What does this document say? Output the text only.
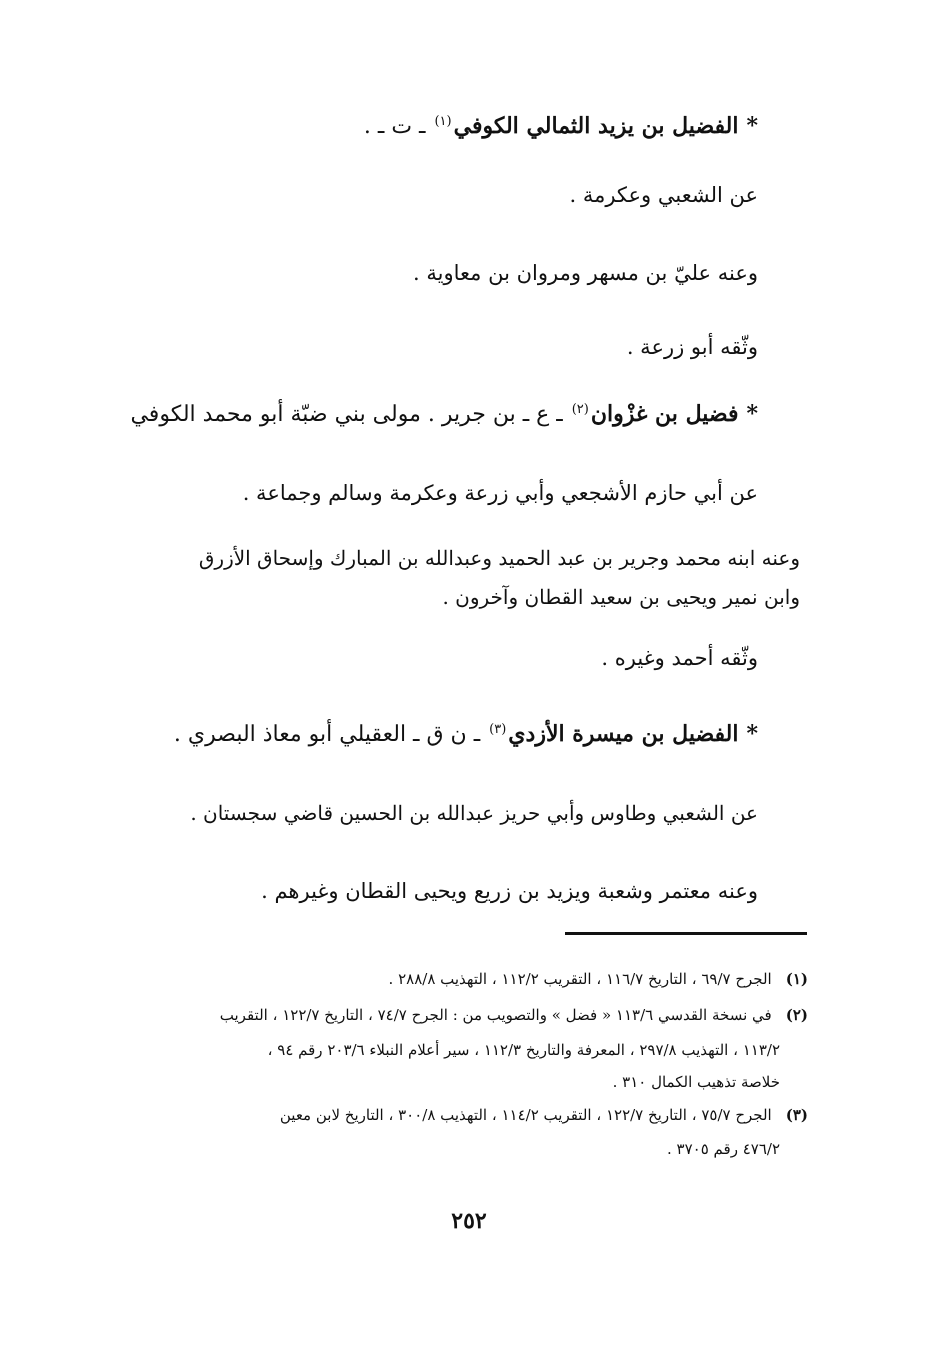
*الفضيل بن يزيد الثمالي الكوفي$^{(١)}$ ـ ت ـ .
عن الشعبي وعكرمة .
وعنه عليّ بن مسهر ومروان بن معاوية .
وثّقه أبو زرعة .
*فضيل بن غزْوان$^{(٢)}$ ـ ع ـ بن جرير . مولى بني ضبّة أبو محمد الكوفي
عن أبي حازم الأشجعي وأبي زرعة وعكرمة وسالم وجماعة .
وعنه ابنه محمد وجرير بن عبد الحميد وعبدالله بن المبارك وإسحاق الأزرق
وابن نمير ويحيى بن سعيد القطان وآخرون .
وثّقه أحمد وغيره .
*الفضيل بن ميسرة الأزدي$^{(٣)}$ ـ ن ق ـ العقيلي أبو معاذ البصري .
عن الشعبي وطاوس وأبي حريز عبدالله بن الحسين قاضي سجستان .
وعنه معتمر وشعبة ويزيد بن زريع ويحيى القطان وغيرهم .
(١)الجرح ٦٩/٧ ، التاريخ ١١٦/٧ ، التقريب ١١٢/٢ ، التهذيب ٢٨٨/٨ .
(٢)في نسخة القدسي ١١٣/٦ « فضل » والتصويب من : الجرح ٧٤/٧ ، التاريخ ١٢٢/٧ ، التقريب
١١٣/٢ ، التهذيب ٢٩٧/٨ ، المعرفة والتاريخ ١١٢/٣ ، سير أعلام النبلاء ٢٠٣/٦ رقم ٩٤ ،
خلاصة تذهيب الكمال ٣١٠ .
(٣)الجرح ٧٥/٧ ، التاريخ ١٢٢/٧ ، التقريب ١١٤/٢ ، التهذيب ٣٠٠/٨ ، التاريخ لابن معين
٤٧٦/٢ رقم ٣٧٠٥ .
٢٥٢
